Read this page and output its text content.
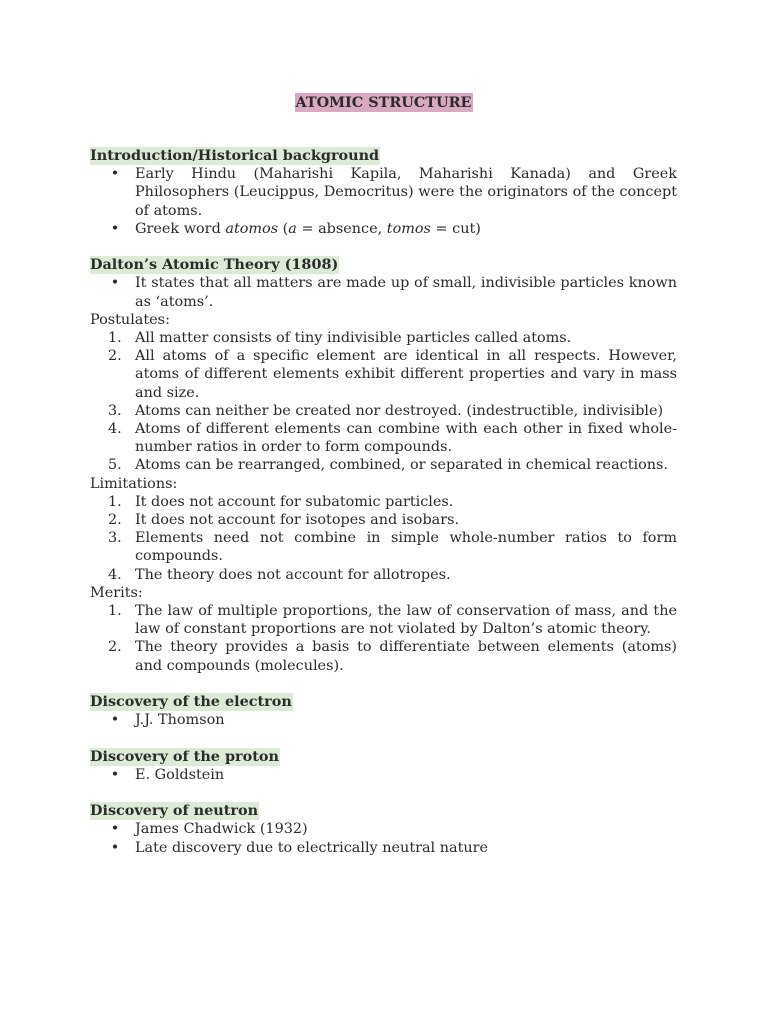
ATOMIC STRUCTURE
Introduction/Historical background
• Early Hindu (Maharishi Kapila, Maharishi Kanada) and Greek Philosophers (Leucippus, Democritus) were the originators of the concept of atoms.
• Greek word atomos (a = absence, tomos = cut)
Dalton’s Atomic Theory (1808)
• It states that all matters are made up of small, indivisible particles known as ‘atoms’.
Postulates:
1. All matter consists of tiny indivisible particles called atoms.
2. All atoms of a specific element are identical in all respects. However, atoms of different elements exhibit different properties and vary in mass and size.
3. Atoms can neither be created nor destroyed. (indestructible, indivisible)
4. Atoms of different elements can combine with each other in fixed whole-number ratios in order to form compounds.
5. Atoms can be rearranged, combined, or separated in chemical reactions.
Limitations:
1. It does not account for subatomic particles.
2. It does not account for isotopes and isobars.
3. Elements need not combine in simple whole-number ratios to form compounds.
4. The theory does not account for allotropes.
Merits:
1. The law of multiple proportions, the law of conservation of mass, and the law of constant proportions are not violated by Dalton’s atomic theory.
2. The theory provides a basis to differentiate between elements (atoms) and compounds (molecules).
Discovery of the electron
• J.J. Thomson
Discovery of the proton
• E. Goldstein
Discovery of neutron
• James Chadwick (1932)
• Late discovery due to electrically neutral nature
